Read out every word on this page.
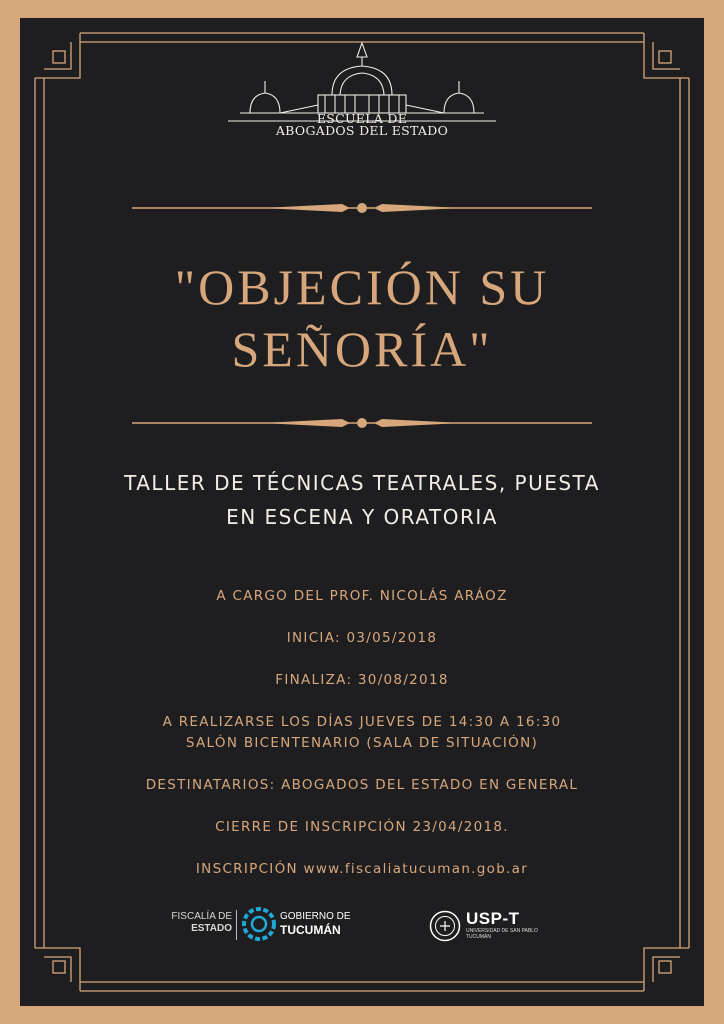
ESCUELA DE
ABOGADOS DEL ESTADO
"OBJECIÓN SU
SEÑORÍA"
TALLER DE TÉCNICAS TEATRALES, PUESTA
EN ESCENA Y ORATORIA
A CARGO DEL PROF. NICOLÁS ARÁOZ
INICIA: 03/05/2018
FINALIZA: 30/08/2018
A REALIZARSE LOS DÍAS JUEVES DE 14:30 A 16:30
SALÓN BICENTENARIO (SALA DE SITUACIÓN)
DESTINATARIOS: ABOGADOS DEL ESTADO EN GENERAL
CIERRE DE INSCRIPCIÓN 23/04/2018.
INSCRIPCIÓN www.fiscaliatucuman.gob.ar
FISCALÍA DE
ESTADO
GOBIERNO DE
TUCUMÁN
USP-T
UNIVERSIDAD DE SAN PABLO
TUCUMÁN
